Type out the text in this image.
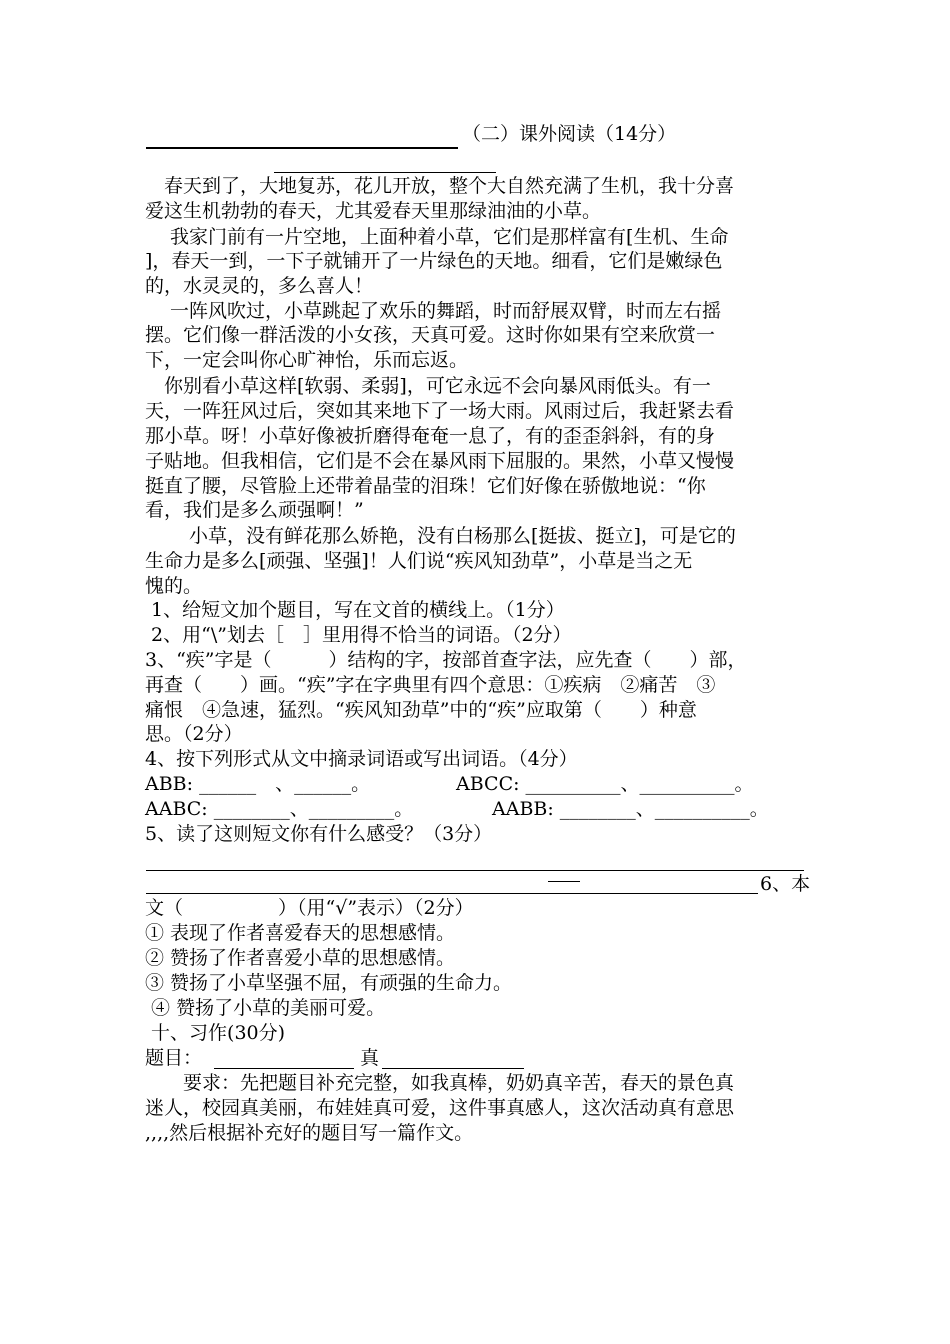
（二）课外阅读（14分）

　春天到了，大地复苏，花儿开放，整个大自然充满了生机，我十分喜

爱这生机勃勃的春天，尤其爱春天里那绿油油的小草。

　 我家门前有一片空地，上面种着小草，它们是那样富有[生机、生命

]，春天一到，一下子就铺开了一片绿色的天地。细看，它们是嫩绿色

的，水灵灵的，多么喜人！

　 一阵风吹过，小草跳起了欢乐的舞蹈，时而舒展双臂，时而左右摇

摆。它们像一群活泼的小女孩，天真可爱。这时你如果有空来欣赏一

下，一定会叫你心旷神怡，乐而忘返。

　你别看小草这样[软弱、柔弱]，可它永远不会向暴风雨低头。有一

天，一阵狂风过后，突如其来地下了一场大雨。风雨过后，我赶紧去看

那小草。呀！小草好像被折磨得奄奄一息了，有的歪歪斜斜，有的身

子贴地。但我相信，它们是不会在暴风雨下屈服的。果然，小草又慢慢

挺直了腰，尽管脸上还带着晶莹的泪珠！它们好像在骄傲地说：“你

看，我们是多么顽强啊！”

　　 小草，没有鲜花那么娇艳，没有白杨那么[挺拔、挺立]，可是它的

生命力是多么[顽强、坚强]！人们说“疾风知劲草”，小草是当之无

愧的。

1、给短文加个题目，写在文首的横线上。（1分）

2、用“\”划去［　］里用得不恰当的词语。（2分）

3、“疾”字是（　　　）结构的字，按部首查字法，应先查（　　）部，

再查（　　）画。“疾”字在字典里有四个意思：①疾病　②痛苦　③

痛恨　④急速，猛烈。“疾风知劲草”中的“疾”应取第（　　）种意

思。（2分）

4、按下列形式从文中摘录词语或写出词语。（4分）

ABB: ______　、______。	ABCC: __________、__________。

AABC: ________、_________。	AABB: ________、__________。

5、读了这则短文你有什么感受？（3分）

6、本

文（　　　　　）（用“√”表示）（2分）

① 表现了作者喜爱春天的思想感情。

② 赞扬了作者喜爱小草的思想感情。

③ 赞扬了小草坚强不屈，有顽强的生命力。

④ 赞扬了小草的美丽可爱。

十、习作(30分)

题目：	真

　　要求：先把题目补充完整，如我真棒，奶奶真辛苦，春天的景色真

迷人，校园真美丽，布娃娃真可爱，这件事真感人，这次活动真有意思

,,,,然后根据补充好的题目写一篇作文。
